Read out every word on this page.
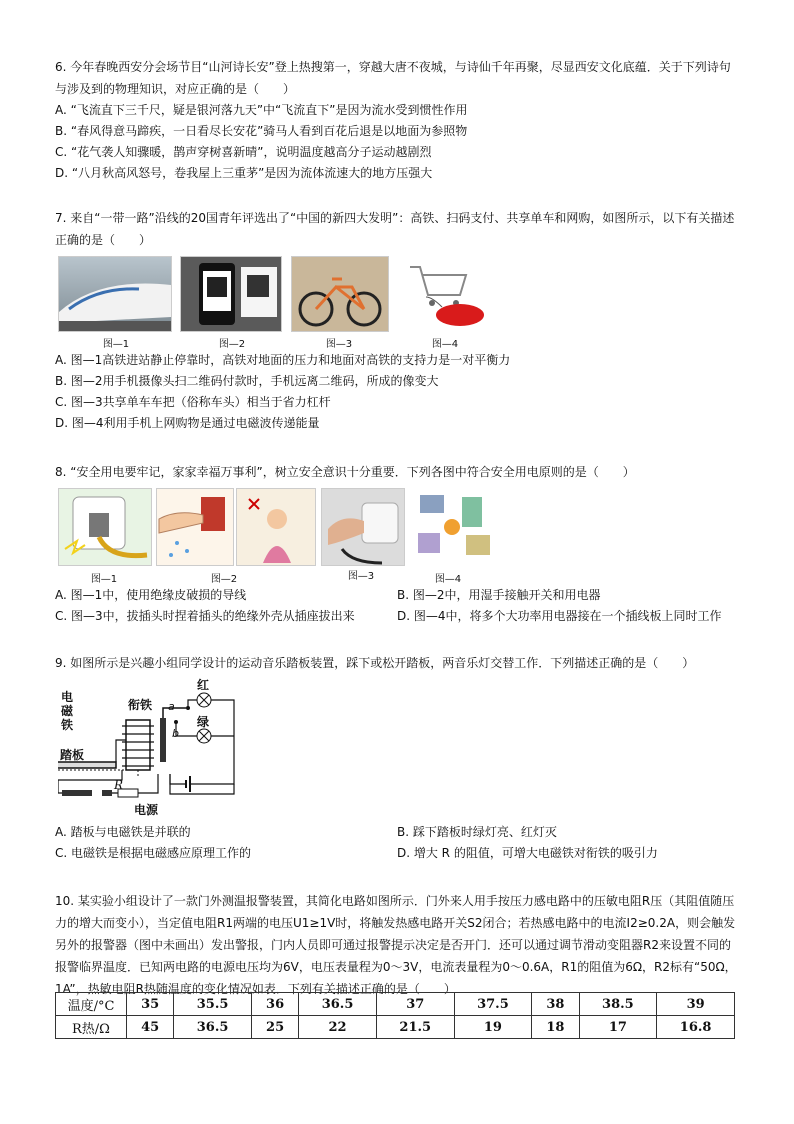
6. 今年春晚西安分会场节目“山河诗长安”登上热搜第一，穿越大唐不夜城，与诗仙千年再聚，尽显西安文化底蕴．关于下列诗句与涉及到的物理知识，对应正确的是（　　）

A. “飞流直下三千尺，疑是银河落九天”中“飞流直下”是因为流水受到惯性作用

B. “春风得意马蹄疾，一日看尽长安花”骑马人看到百花后退是以地面为参照物

C. “花气袭人知骤暖，鹊声穿树喜新晴”，说明温度越高分子运动越剧烈

D. “八月秋高风怒号，卷我屋上三重茅”是因为流体流速大的地方压强大

7. 来自“一带一路”沿线的20国青年评选出了“中国的新四大发明”：高铁、扫码支付、共享单车和网购，如图所示，以下有关描述正确的是（　　）

图—1	图—2	图—3	图—4

A. 图—1高铁进站静止停靠时，高铁对地面的压力和地面对高铁的支持力是一对平衡力

B. 图—2用手机摄像头扫二维码付款时，手机远离二维码，所成的像变大

C. 图—3共享单车车把（俗称车头）相当于省力杠杆

D. 图—4利用手机上网购物是通过电磁波传递能量

8. “安全用电要牢记，家家幸福万事利”，树立安全意识十分重要．下列各图中符合安全用电原则的是（　　）

图—1	图—2	图—3	图—4
A. 图—1中，使用绝缘皮破损的导线	B. 图—2中，用湿手接触开关和用电器
C. 图—3中，拔插头时捏着插头的绝缘外壳从插座拔出来	D. 图—4中，将多个大功率用电器接在一个插线板上同时工作

9. 如图所示是兴趣小组同学设计的运动音乐踏板装置，踩下或松开踏板，两音乐灯交替工作．下列描述正确的是（　　）

电磁铁
衔铁
红
绿
a
b
踏板
R
电源
A. 踏板与电磁铁是并联的	B. 踩下踏板时绿灯亮、红灯灭
C. 电磁铁是根据电磁感应原理工作的	D. 增大 R 的阻值，可增大电磁铁对衔铁的吸引力

10. 某实验小组设计了一款门外测温报警装置，其简化电路如图所示．门外来人用手按压力感电路中的压敏电阻R压（其阻值随压力的增大而变小），当定值电阻R1两端的电压U1≥1V时，将触发热感电路开关S2闭合；若热感电路中的电流I2≥0.2A，则会触发另外的报警器（图中未画出）发出警报，门内人员即可通过报警提示决定是否开门．还可以通过调节滑动变阻器R2来设置不同的报警临界温度．已知两电路的电源电压均为6V，电压表量程为0～3V，电流表量程为0～0.6A，R1的阻值为6Ω，R2标有“50Ω，1A”，热敏电阻R热随温度的变化情况如表．下列有关描述正确的是（　　）

温度/°C	35	35.5	36	36.5	37	37.5	38	38.5	39
R热/Ω	45	36.5	25	22	21.5	19	18	17	16.8
